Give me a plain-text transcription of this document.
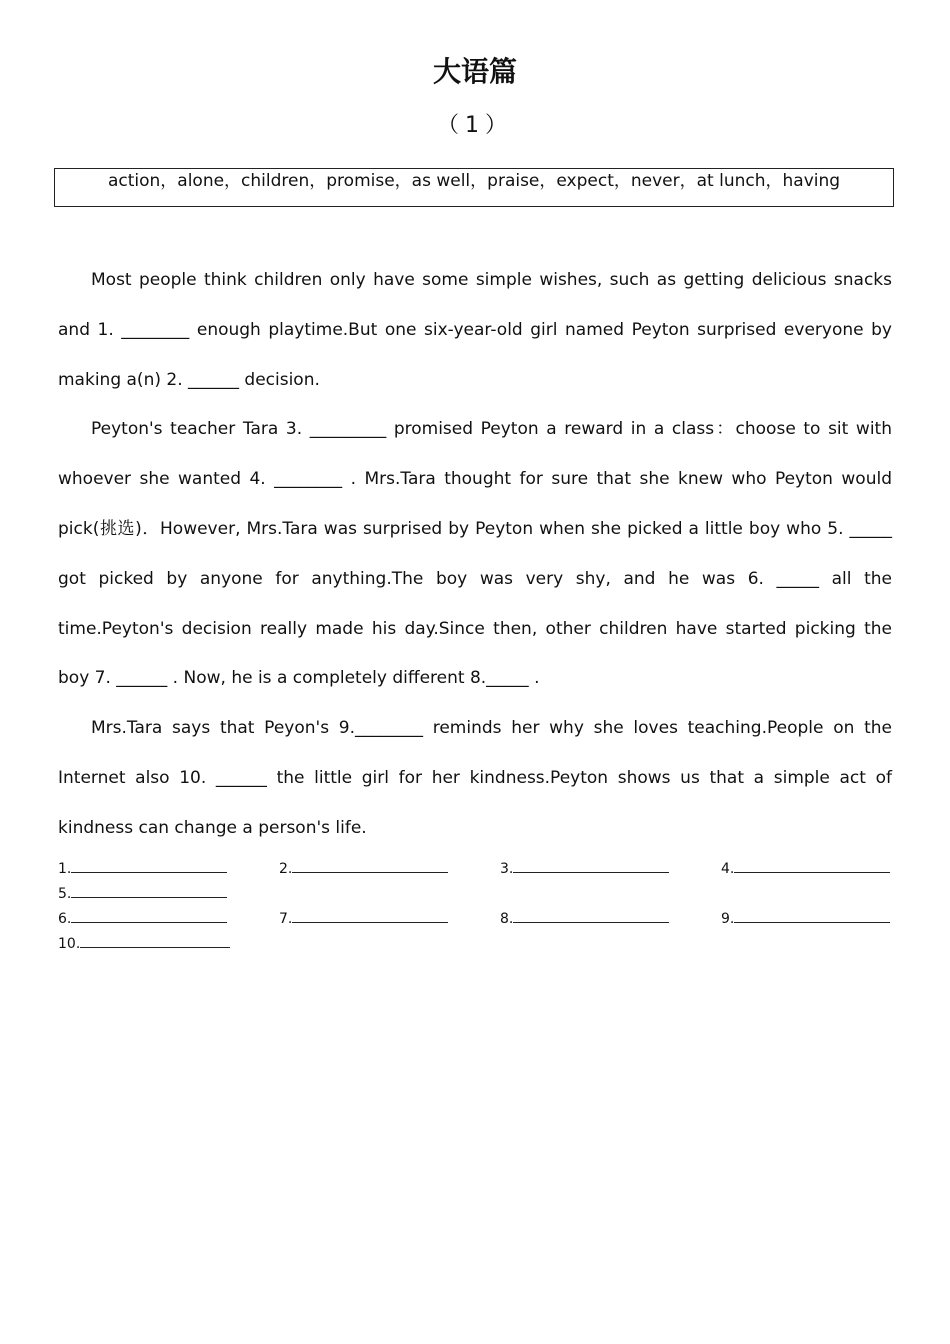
大语篇
（1）
action，alone，children，promise，as well，praise，expect，never，at lunch，having

Most people think children only have some simple wishes, such as getting delicious snacks and 1. ________ enough playtime.But one six-year-old girl named Peyton surprised everyone by making a(n) 2. ______ decision.

Peyton's teacher Tara 3. _________ promised Peyton a reward in a class：choose to sit with whoever she wanted 4. ________ . Mrs.Tara thought for sure that she knew who Peyton would pick(挑选)．However, Mrs.Tara was surprised by Peyton when she picked a little boy who 5. _____ got picked by anyone for anything.The boy was very shy, and he was 6. _____ all the time.Peyton's decision really made his day.Since then, other children have started picking the boy 7. ______ . Now, he is a completely different 8._____ .

Mrs.Tara says that Peyon's 9.________ reminds her why she loves teaching.People on the Internet also 10. ______ the little girl for her kindness.Peyton shows us that a simple act of kindness can change a person's life.

1.	2.	3.	4.
5.
6.	7.	8.	9.
10.
